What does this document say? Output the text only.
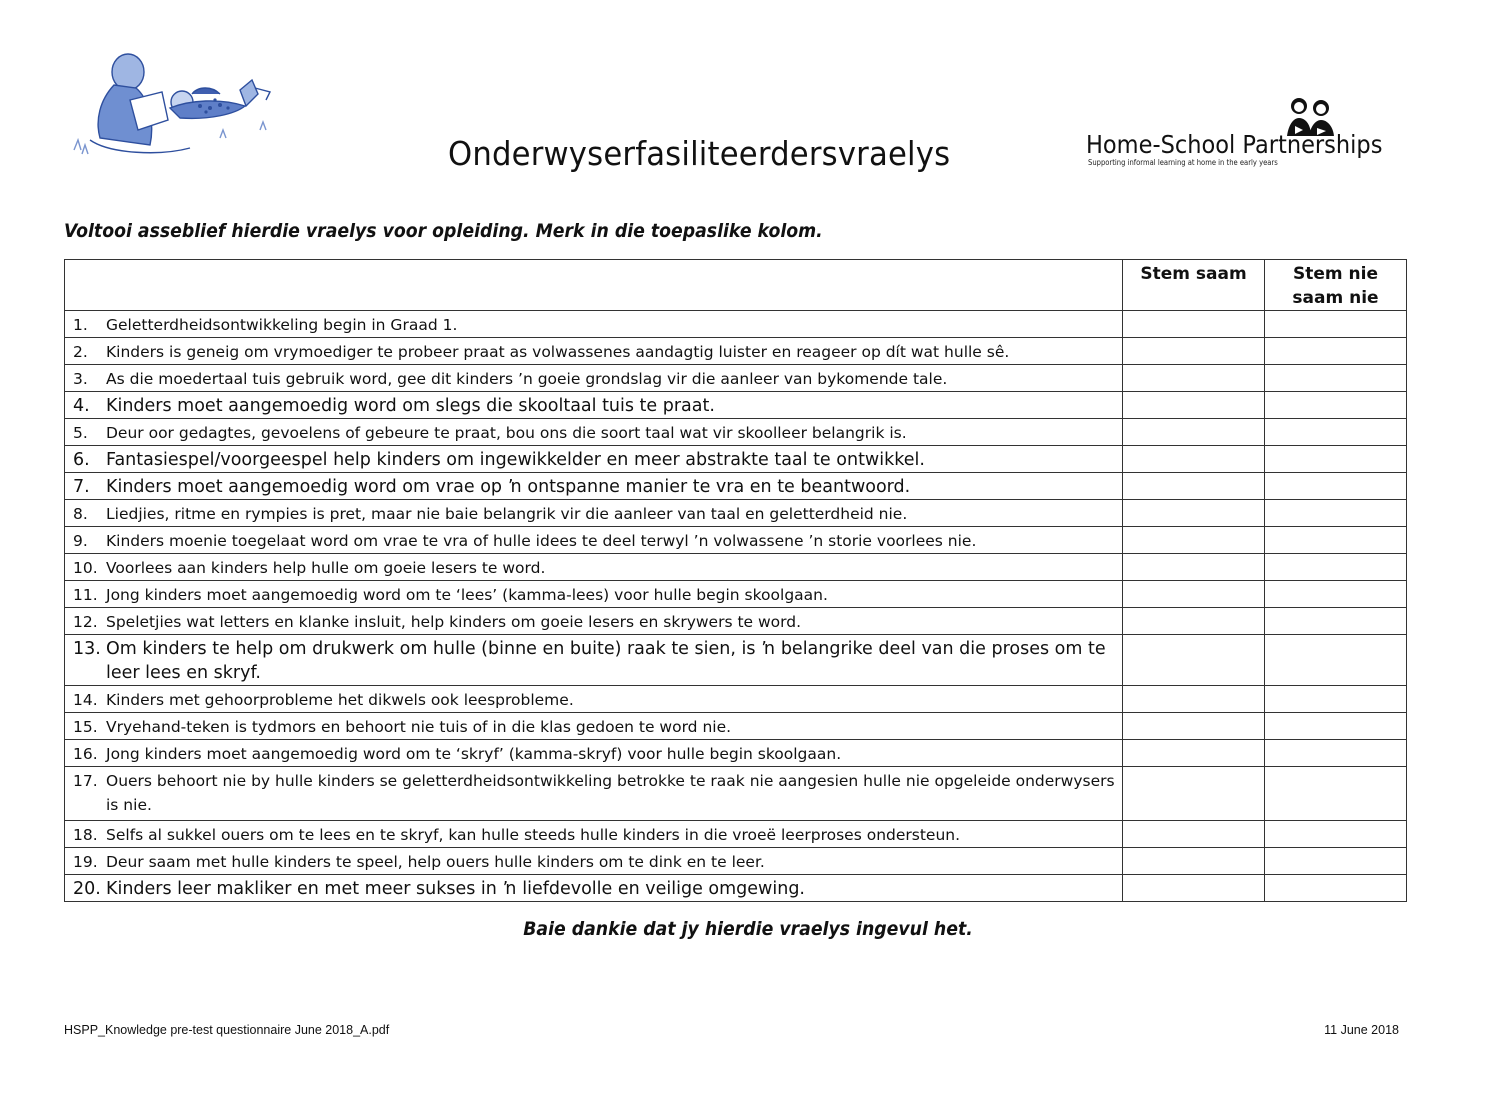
Onderwyserfasiliteerdersvraelys	Home-School Partnerships
Supporting informal learning at home in the early years
Voltooi asseblief hierdie vraelys voor opleiding. Merk in die toepaslike kolom.
	Stem saam	Stem nie saam nie

1. Geletterdheidsontwikkeling begin in Graad 1.		

2. Kinders is geneig om vrymoediger te probeer praat as volwassenes aandagtig luister en reageer op dít wat hulle sê.		

3. As die moedertaal tuis gebruik word, gee dit kinders ’n goeie grondslag vir die aanleer van bykomende tale.		

4. Kinders moet aangemoedig word om slegs die skooltaal tuis te praat.		

5. Deur oor gedagtes, gevoelens of gebeure te praat, bou ons die soort taal wat vir skoolleer belangrik is.		

6. Fantasiespel/voorgeespel help kinders om ingewikkelder en meer abstrakte taal te ontwikkel.		

7. Kinders moet aangemoedig word om vrae op ŉ ontspanne manier te vra en te beantwoord.		

8. Liedjies, ritme en rympies is pret, maar nie baie belangrik vir die aanleer van taal en geletterdheid nie.		

9. Kinders moenie toegelaat word om vrae te vra of hulle idees te deel terwyl ’n volwassene ’n storie voorlees nie.		

10. Voorlees aan kinders help hulle om goeie lesers te word.		

11. Jong kinders moet aangemoedig word om te ‘lees’ (kamma-lees) voor hulle begin skoolgaan.		

12. Speletjies wat letters en klanke insluit, help kinders om goeie lesers en skrywers te word.		

13. Om kinders te help om drukwerk om hulle (binne en buite) raak te sien, is ŉ belangrike deel van die proses om te leer lees en skryf.		

14. Kinders met gehoorprobleme het dikwels ook leesprobleme.		

15. Vryehand-teken is tydmors en behoort nie tuis of in die klas gedoen te word nie.		

16. Jong kinders moet aangemoedig word om te ‘skryf’ (kamma-skryf) voor hulle begin skoolgaan.		

17. Ouers behoort nie by hulle kinders se geletterdheidsontwikkeling betrokke te raak nie aangesien hulle nie opgeleide onderwysers is nie.		

18. Selfs al sukkel ouers om te lees en te skryf, kan hulle steeds hulle kinders in die vroeë leerproses ondersteun.		

19. Deur saam met hulle kinders te speel, help ouers hulle kinders om te dink en te leer.		

20. Kinders leer makliker en met meer sukses in ŉ liefdevolle en veilige omgewing.		

Baie dankie dat jy hierdie vraelys ingevul het.
HSPP_Knowledge pre-test questionnaire June 2018_A.pdf	11 June 2018
